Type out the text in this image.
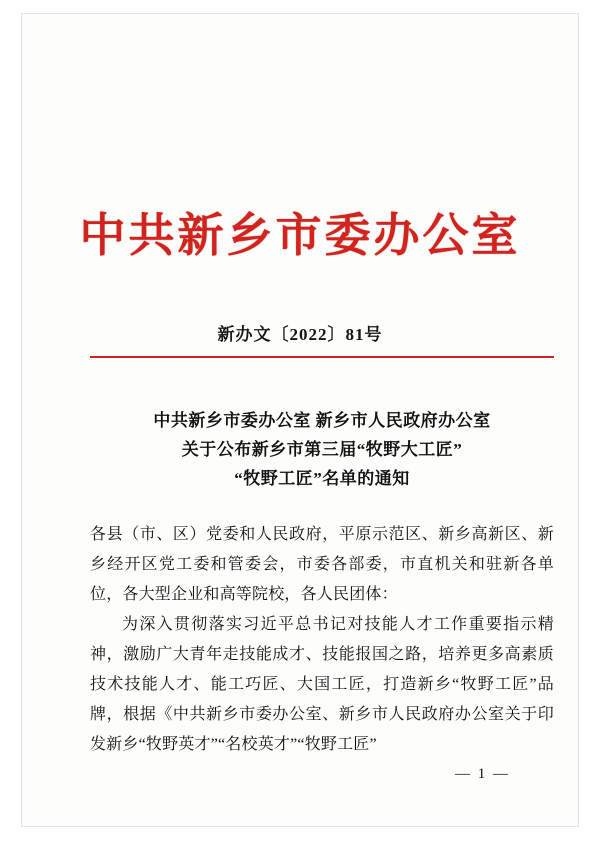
中共新乡市委办公室
新办文〔2022〕81号
中共新乡市委办公室 新乡市人民政府办公室
关于公布新乡市第三届“牧野大工匠”
“牧野工匠”名单的通知

各县（市、区）党委和人民政府，平原示范区、新乡高新区、新乡经开区党工委和管委会，市委各部委，市直机关和驻新各单位，各大型企业和高等院校，各人民团体：

为深入贯彻落实习近平总书记对技能人才工作重要指示精神，激励广大青年走技能成才、技能报国之路，培养更多高素质技术技能人才、能工巧匠、大国工匠，打造新乡“牧野工匠”品牌，根据《中共新乡市委办公室、新乡市人民政府办公室关于印发新乡“牧野英才”“名校英才”“牧野工匠”

— 1 —
